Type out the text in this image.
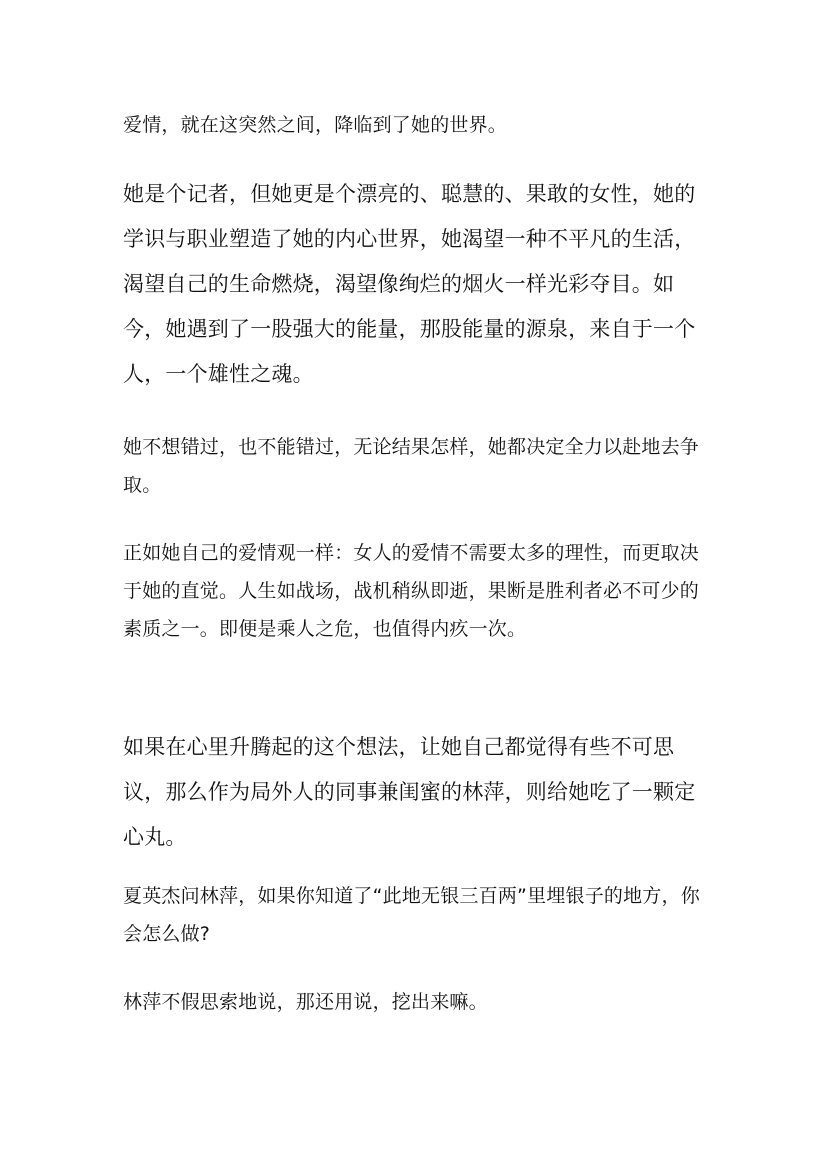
爱情，就在这突然之间，降临到了她的世界。

她是个记者，但她更是个漂亮的、聪慧的、果敢的女性，她的学识与职业塑造了她的内心世界，她渴望一种不平凡的生活，渴望自己的生命燃烧，渴望像绚烂的烟火一样光彩夺目。如今，她遇到了一股强大的能量，那股能量的源泉，来自于一个人，一个雄性之魂。

她不想错过，也不能错过，无论结果怎样，她都决定全力以赴地去争取。

正如她自己的爱情观一样：女人的爱情不需要太多的理性，而更取决于她的直觉。人生如战场，战机稍纵即逝，果断是胜利者必不可少的素质之一。即便是乘人之危，也值得内疚一次。

如果在心里升腾起的这个想法，让她自己都觉得有些不可思议，那么作为局外人的同事兼闺蜜的林萍，则给她吃了一颗定心丸。

夏英杰问林萍，如果你知道了“此地无银三百两”里埋银子的地方，你会怎么做?

林萍不假思索地说，那还用说，挖出来嘛。
